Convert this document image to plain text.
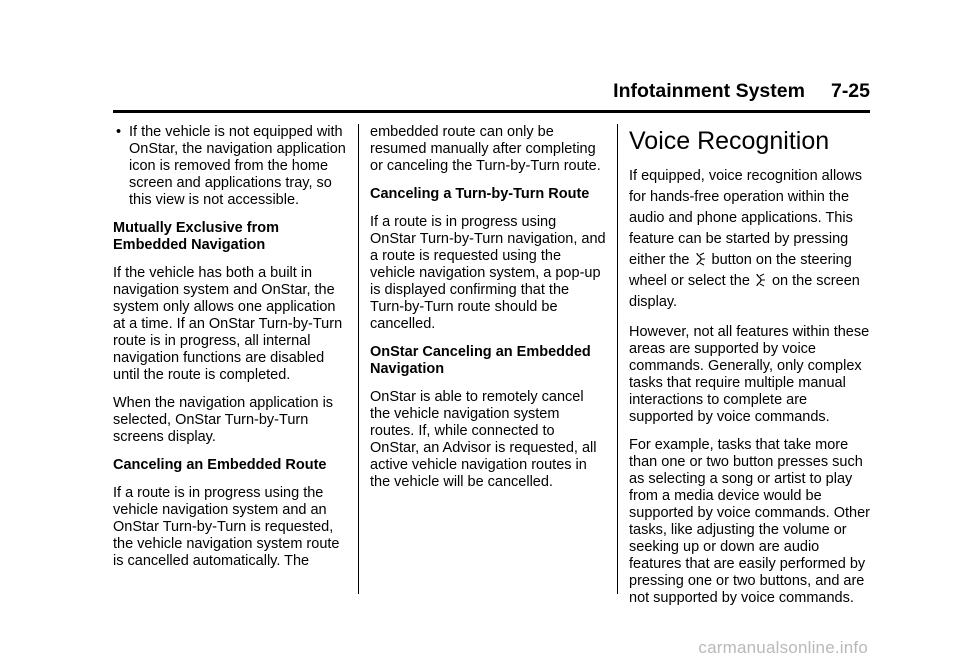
Infotainment System 7-25
• If the vehicle is not equipped with OnStar, the navigation application icon is removed from the home screen and applications tray, so this view is not accessible.
Mutually Exclusive from Embedded Navigation

If the vehicle has both a built in navigation system and OnStar, the system only allows one application at a time. If an OnStar Turn-by-Turn route is in progress, all internal navigation functions are disabled until the route is completed.

When the navigation application is selected, OnStar Turn-by-Turn screens display.

Canceling an Embedded Route

If a route is in progress using the vehicle navigation system and an OnStar Turn-by-Turn is requested, the vehicle navigation system route is cancelled automatically. The

embedded route can only be resumed manually after completing or canceling the Turn-by-Turn route.

Canceling a Turn-by-Turn Route

If a route is in progress using OnStar Turn-by-Turn navigation, and a route is requested using the vehicle navigation system, a pop-up is displayed confirming that the Turn-by-Turn route should be cancelled.

OnStar Canceling an Embedded Navigation

OnStar is able to remotely cancel the vehicle navigation system routes. If, while connected to OnStar, an Advisor is requested, all active vehicle navigation routes in the vehicle will be cancelled.

Voice Recognition

If equipped, voice recognition allows for hands-free operation within the audio and phone applications. This feature can be started by pressing either the button on the steering wheel or select the on the screen display.

However, not all features within these areas are supported by voice commands. Generally, only complex tasks that require multiple manual interactions to complete are supported by voice commands.

For example, tasks that take more than one or two button presses such as selecting a song or artist to play from a media device would be supported by voice commands. Other tasks, like adjusting the volume or seeking up or down are audio features that are easily performed by pressing one or two buttons, and are not supported by voice commands.

carmanualsonline.info
